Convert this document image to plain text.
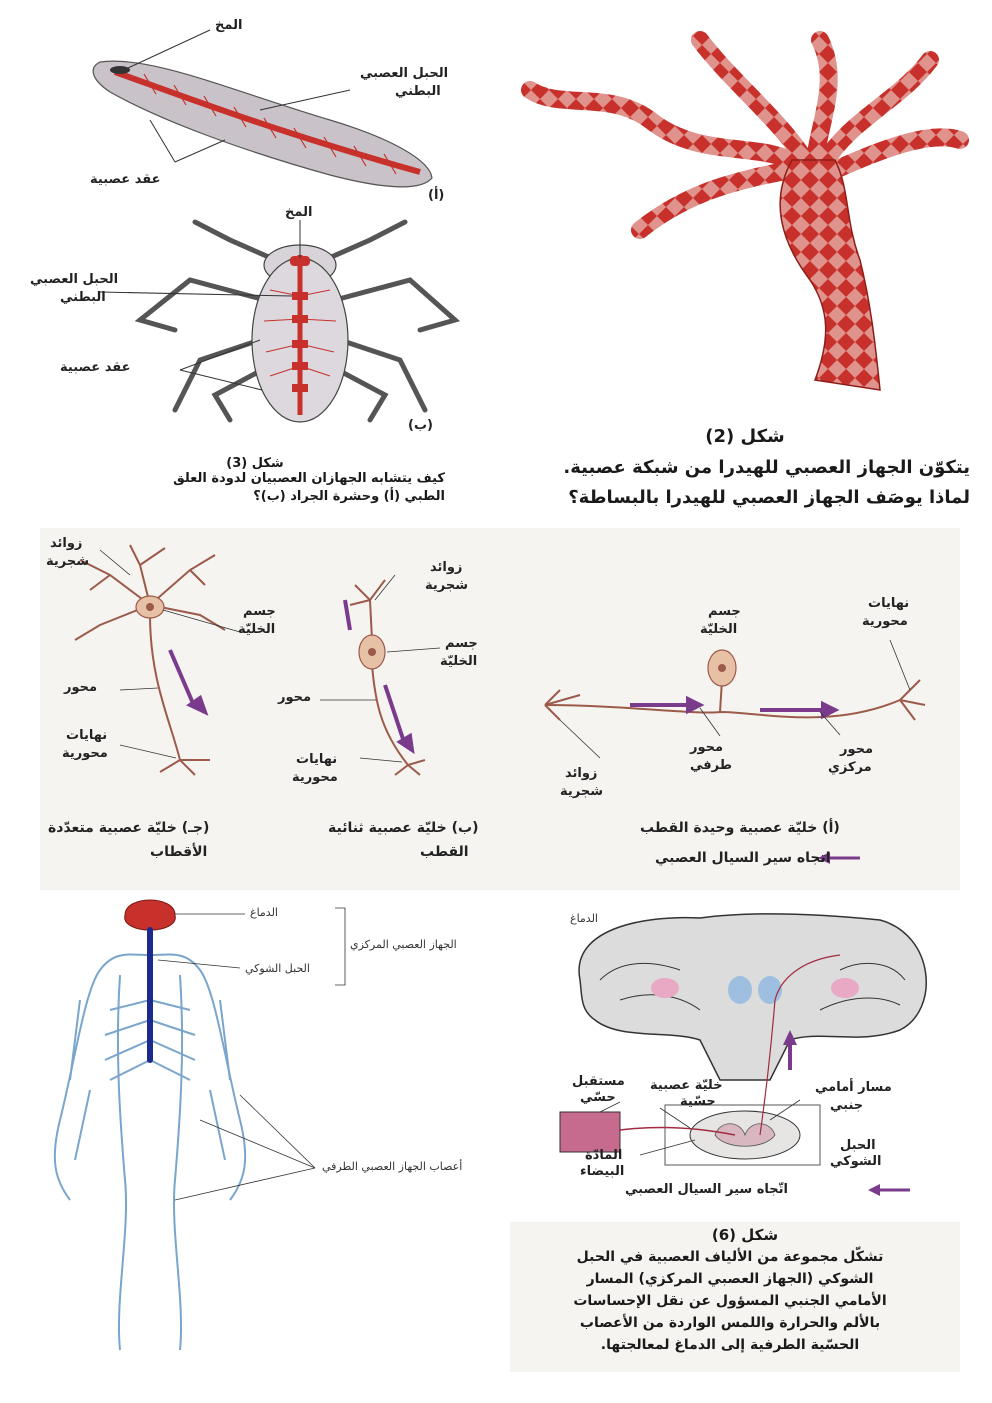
المخ
الحبل العصبي
البطني
عقد عصبية
(أ)
المخ
الحبل العصبي
البطني
عقد عصبية
(ب)
شكل (3)
كيف يتشابه الجهازان العصبيان لدودة العلق
الطبي (أ) وحشرة الجراد (ب)؟
شكل (2)
يتكوّن الجهاز العصبي للهيدرا من شبكة عصبية.
لماذا يوصَف الجهاز العصبي للهيدرا بالبساطة؟
زوائد
شجرية
جسم
الخليّة
محور
نهايات
محورية
(جـ) خليّة عصبية متعدّدة
الأقطاب
زوائد
شجرية
جسم
الخليّة
محور
نهايات
محورية
(ب) خليّة عصبية ثنائية
القطب
جسم
الخليّة
نهايات
محورية
محور
طرفي
محور
مركزي
زوائد
شجرية
(أ) خليّة عصبية وحيدة القطب
اتجاه سير السيال العصبي
الدماغ
الحبل الشوكي
الجهاز العصبي المركزي
أعصاب الجهاز العصبي الطرفي
الدماغ
مستقبل
حسّي
خليّة عصبية
حسّية
مسار أمامي
جنبي
المادّة
البيضاء
الحبل
الشوكي
اتّجاه سير السيال العصبي
شكل (6)
تشكّل مجموعة من الألياف العصبية في الحبل
الشوكي (الجهاز العصبي المركزي) المسار
الأمامي الجنبي المسؤول عن نقل الإحساسات
بالألم والحرارة واللمس الواردة من الأعصاب
الحسّية الطرفية إلى الدماغ لمعالجتها.
